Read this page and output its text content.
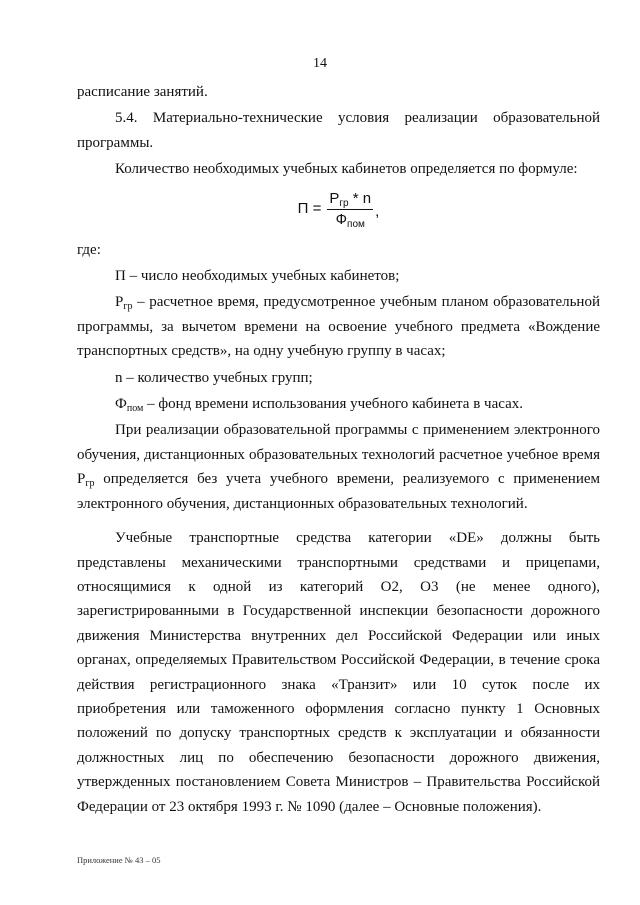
14

расписание занятий.

5.4. Материально-технические условия реализации образовательной программы.

Количество необходимых учебных кабинетов определяется по формуле:

$П = \frac{P_{гр} * n}{Ф_{пом}}$ ,

где:

П – число необходимых учебных кабинетов;

$P_{гр}$ – расчетное время, предусмотренное учебным планом образовательной программы, за вычетом времени на освоение учебного предмета «Вождение транспортных средств», на одну учебную группу в часах;

n – количество учебных групп;

$Ф_{пом}$ – фонд времени использования учебного кабинета в часах.

При реализации образовательной программы с применением электронного обучения, дистанционных образовательных технологий расчетное учебное время $P_{гр}$ определяется без учета учебного времени, реализуемого с применением электронного обучения, дистанционных образовательных технологий.

Учебные транспортные средства категории «DE» должны быть представлены механическими транспортными средствами и прицепами, относящимися к одной из категорий O2, O3 (не менее одного), зарегистрированными в Государственной инспекции безопасности дорожного движения Министерства внутренних дел Российской Федерации или иных органах, определяемых Правительством Российской Федерации, в течение срока действия регистрационного знака «Транзит» или 10 суток после их приобретения или таможенного оформления согласно пункту 1 Основных положений по допуску транспортных средств к эксплуатации и обязанности должностных лиц по обеспечению безопасности дорожного движения, утвержденных постановлением Совета Министров – Правительства Российской Федерации от 23 октября 1993 г. № 1090 (далее – Основные положения).

Приложение № 43 – 05
